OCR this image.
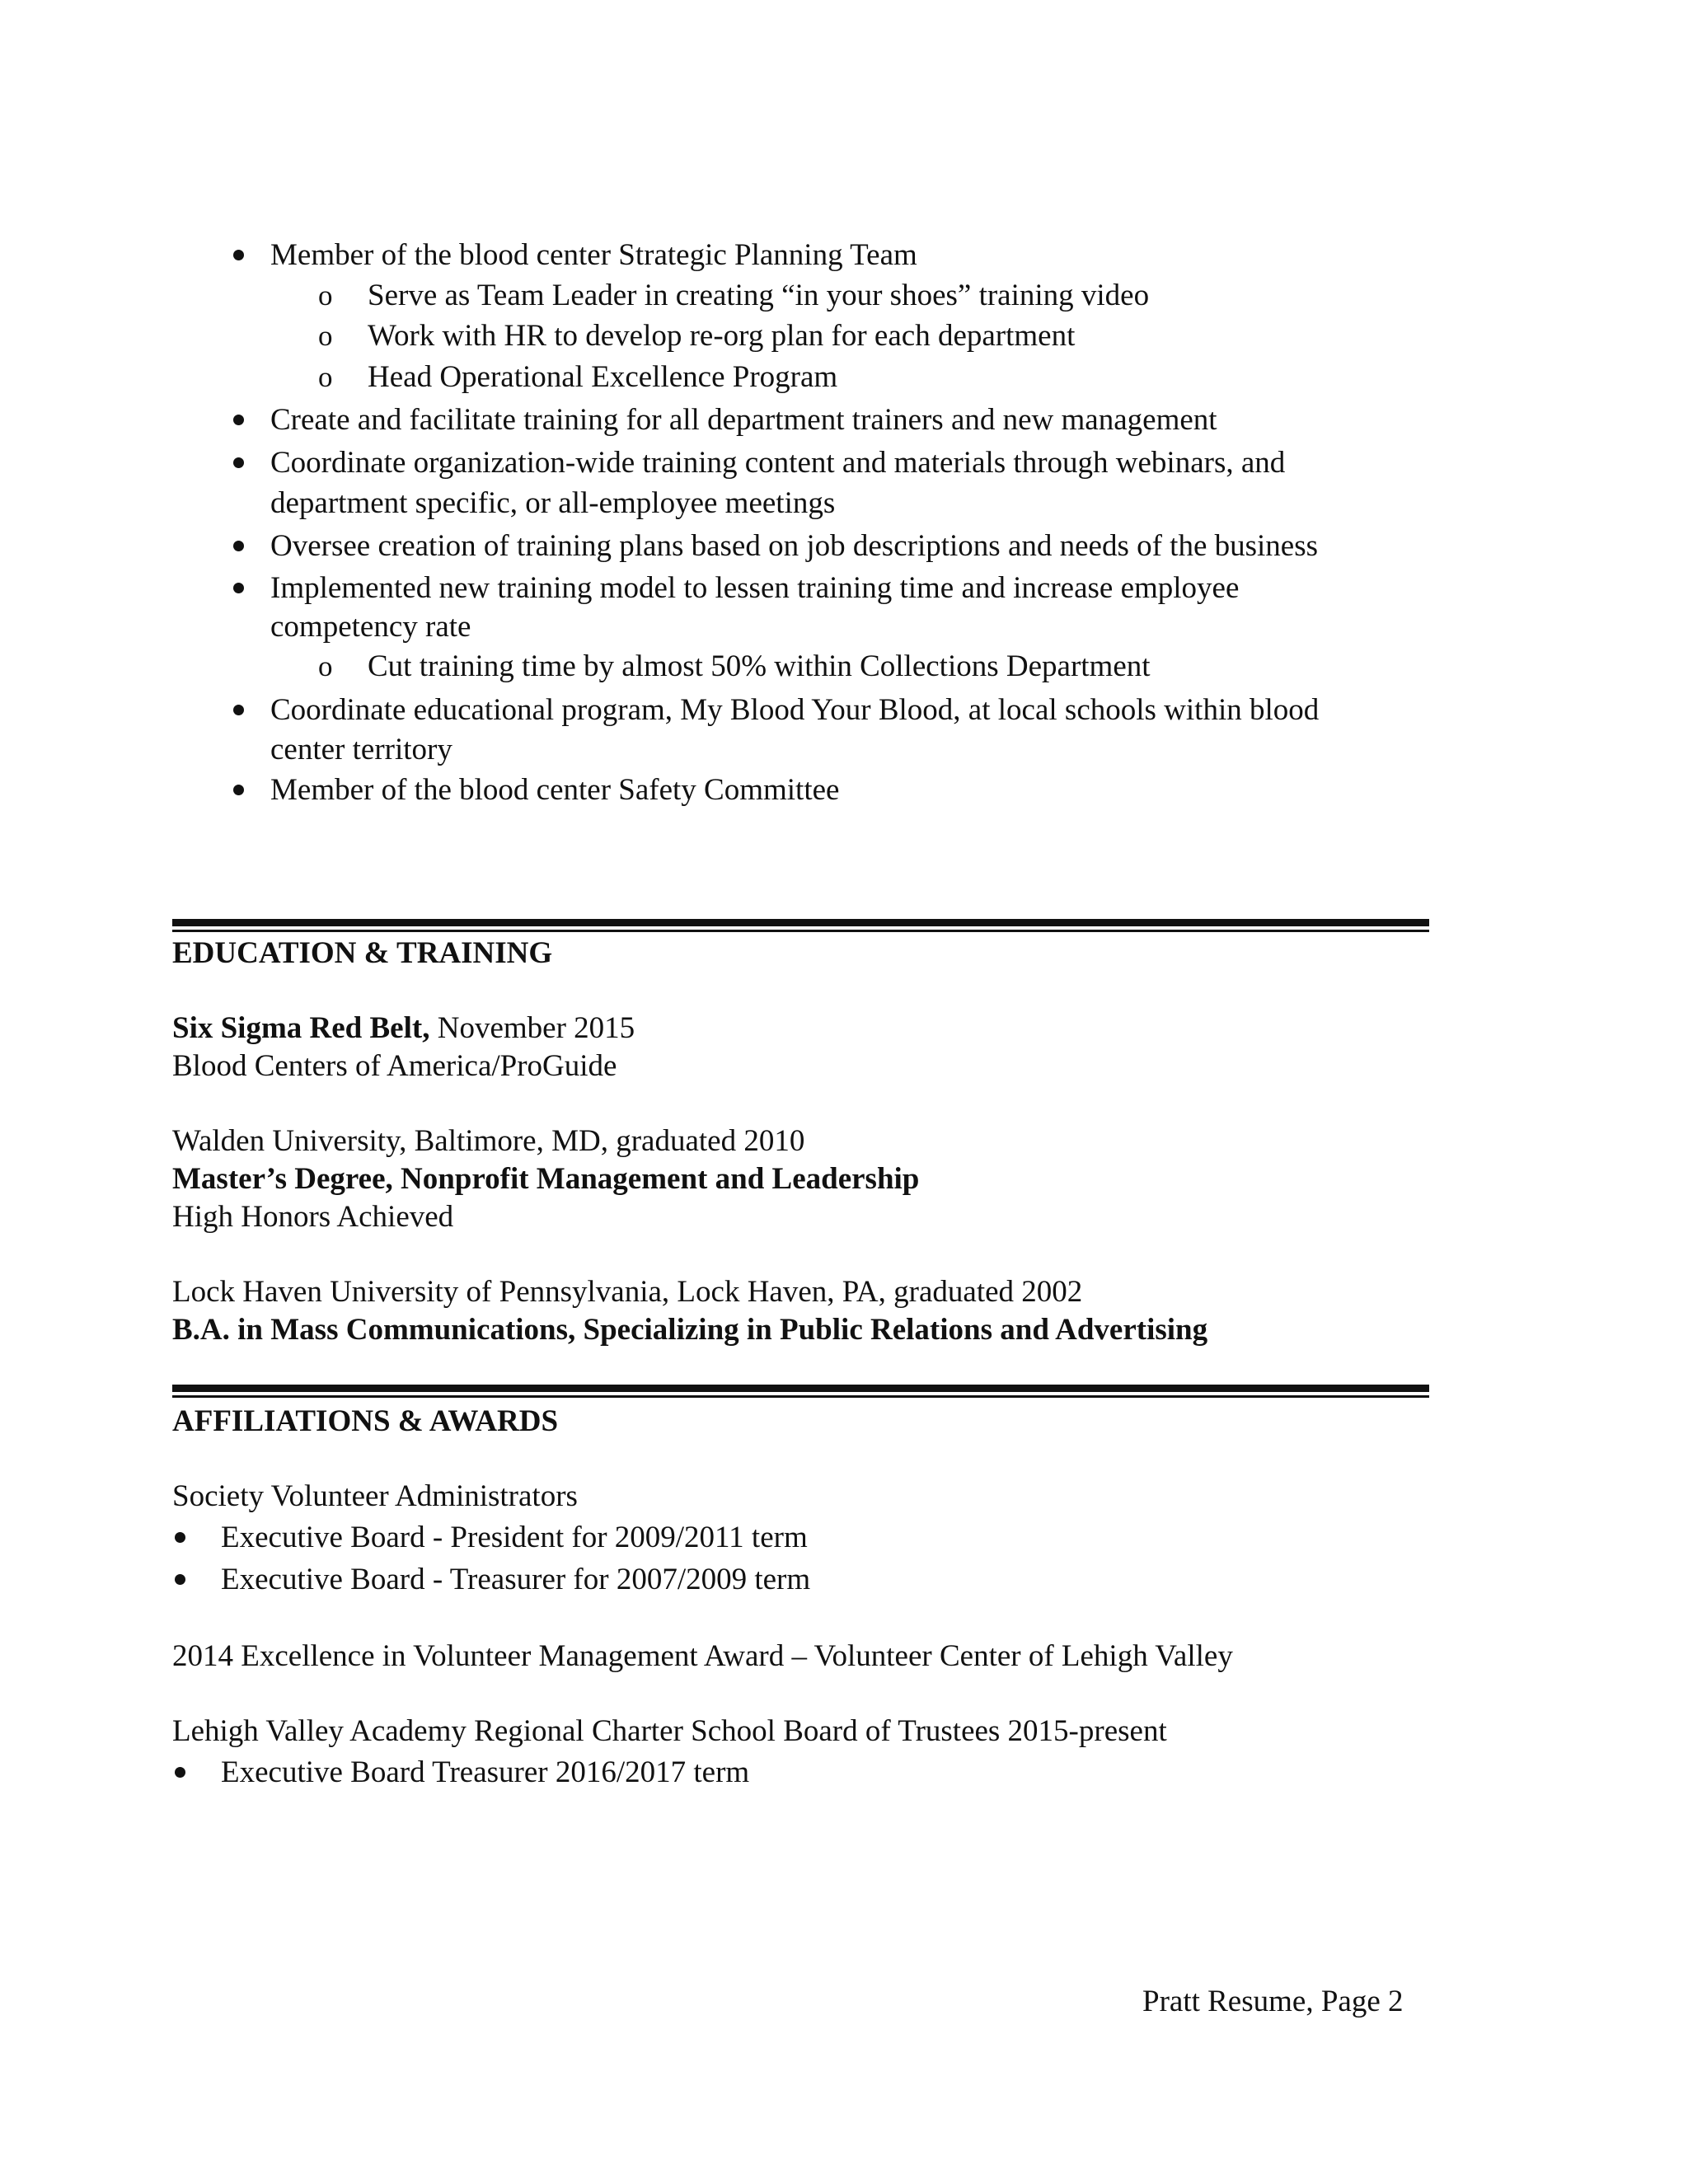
Member of the blood center Strategic Planning Team
o Serve as Team Leader in creating “in your shoes” training video
o Work with HR to develop re-org plan for each department
o Head Operational Excellence Program
Create and facilitate training for all department trainers and new management
Coordinate organization-wide training content and materials through webinars, and
department specific, or all-employee meetings
Oversee creation of training plans based on job descriptions and needs of the business
Implemented new training model to lessen training time and increase employee
competency rate
o Cut training time by almost 50% within Collections Department
Coordinate educational program, My Blood Your Blood, at local schools within blood
center territory
Member of the blood center Safety Committee
EDUCATION & TRAINING
Six Sigma Red Belt, November 2015
Blood Centers of America/ProGuide
Walden University, Baltimore, MD, graduated 2010
Master’s Degree, Nonprofit Management and Leadership
High Honors Achieved
Lock Haven University of Pennsylvania, Lock Haven, PA, graduated 2002
B.A. in Mass Communications, Specializing in Public Relations and Advertising
AFFILIATIONS & AWARDS
Society Volunteer Administrators
Executive Board - President for 2009/2011 term
Executive Board - Treasurer for 2007/2009 term
2014 Excellence in Volunteer Management Award – Volunteer Center of Lehigh Valley
Lehigh Valley Academy Regional Charter School Board of Trustees 2015-present
Executive Board Treasurer 2016/2017 term
Pratt Resume, Page 2
